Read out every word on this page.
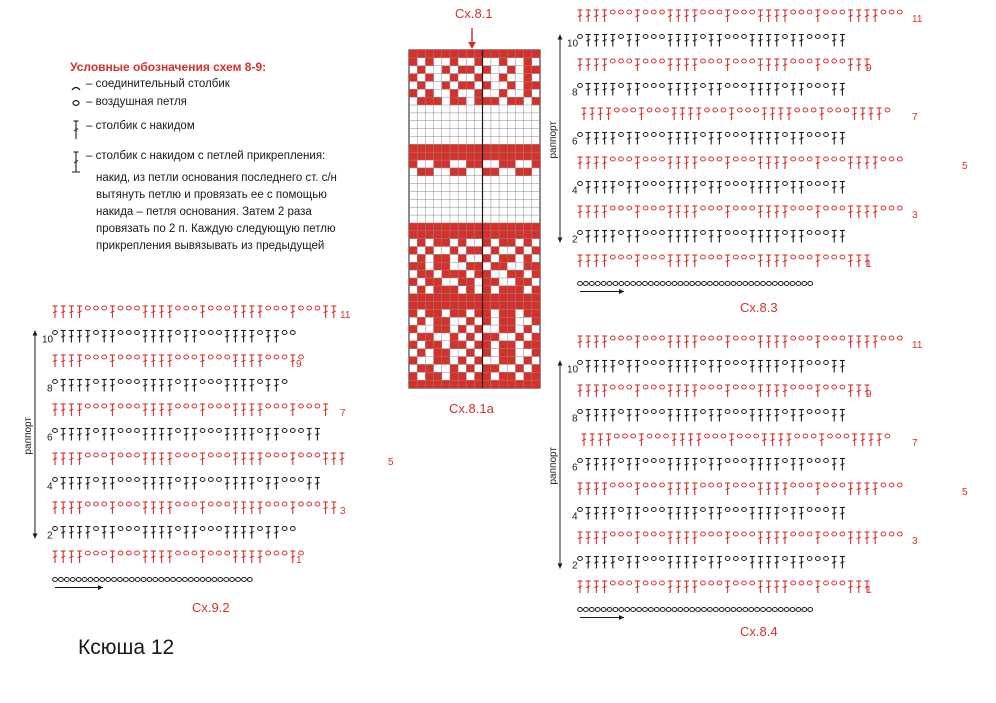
10
8
6
4
2
11
9
7
5
3
1
раппорт
10
8
6
4
2
11
9
7
5
3
1
раппорт
10
8
6
4
2
11
9
7
5
3
1
раппорт
Условные обозначения схем 8-9:
– соединительный столбик
– воздушная петля
– столбик с накидом
– столбик с накидом с петлей прикрепления:
накид, из петли основания последнего ст. с/н вытянуть петлю и провязать ее с помощью накида – петля основания. Затем 2 раза провязать по 2 п. Каждую следующую петлю прикрепления вывязывать из предыдущей
Сх.8.1
Сх.8.1а
Сх.8.3
Сх.8.4
Сх.9.2
Ксюша 12
